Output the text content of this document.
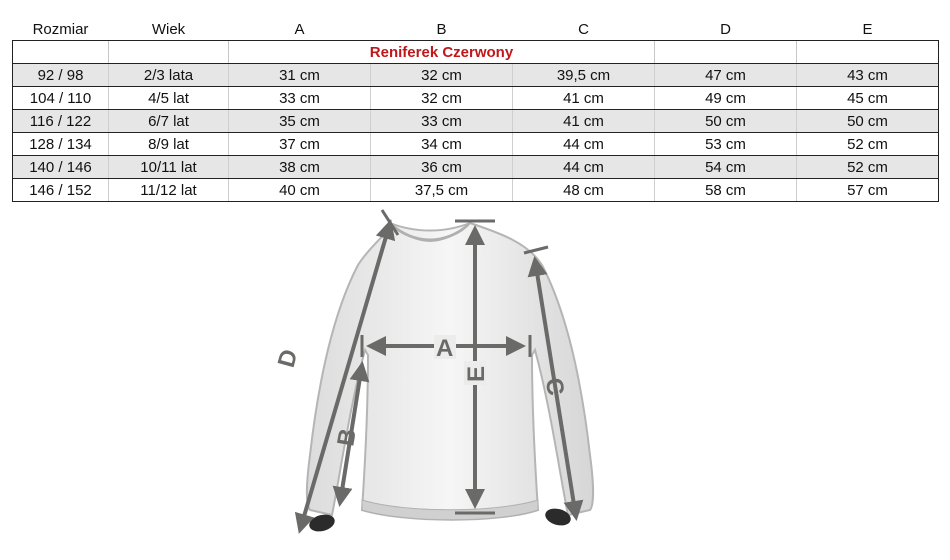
Rozmiar	Wiek	A	B	C	D	E
		Reniferek Czerwony				
92 / 98	2/3 lata	31 cm	32 cm	39,5 cm	47 cm	43 cm
104 / 110	4/5 lat	33 cm	32 cm	41 cm	49 cm	45 cm
116 / 122	6/7 lat	35 cm	33 cm	41 cm	50 cm	50 cm
128 / 134	8/9 lat	37 cm	34 cm	44 cm	53 cm	52 cm
140 / 146	10/11 lat	38 cm	36 cm	44 cm	54 cm	52 cm
146 / 152	11/12 lat	40 cm	37,5 cm	48 cm	58 cm	57 cm
A
E
B
C
D
